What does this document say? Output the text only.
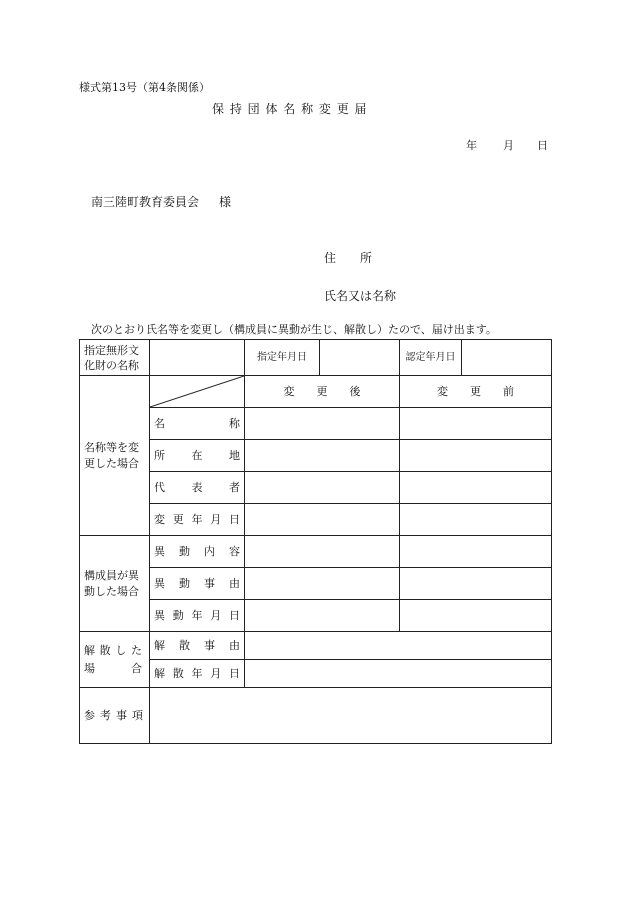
様式第13号（第4条関係）
保 持 団 体 名 称 変 更 届
年 月 日
南三陸町教育委員会 様
住　　所
氏名又は名称
次のとおり氏名等を変更し（構成員に異動が生じ、解散し）たので、届け出ます。
指定無形文化財の名称		指定年月日		認定年月日	
名称等を変更した場合		変　　更　　後		変　　更　　前	
	名　　　　称				
	所　　在　　地				
	代　　表　　者				
	変更年月日				
構成員が異動した場合	異動内容				
	異動事由				
	異動年月日				
解散した場合	解散事由				
	解散年月日				
参考事項					
